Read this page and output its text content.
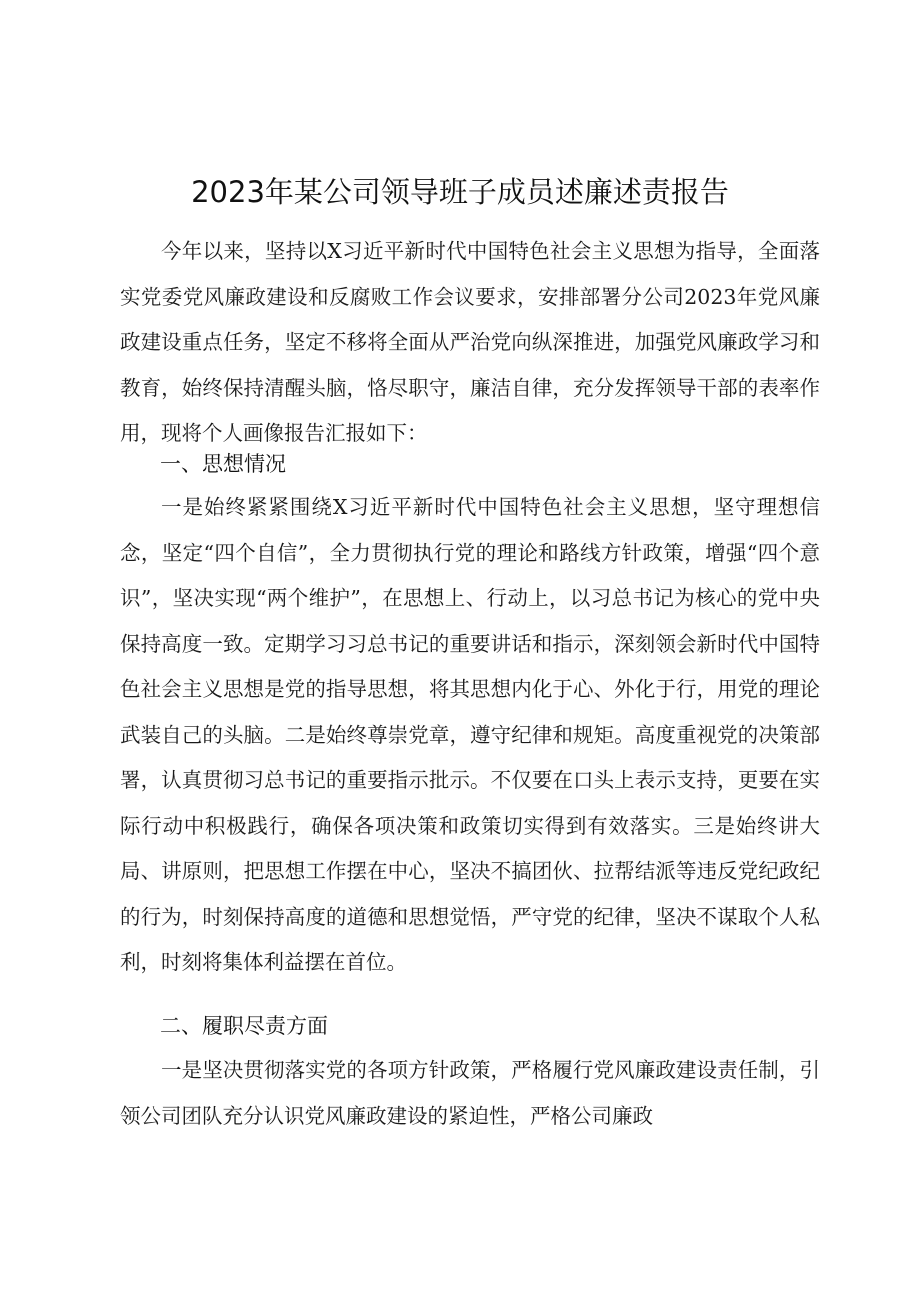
2023年某公司领导班子成员述廉述责报告

今年以来，坚持以X习近平新时代中国特色社会主义思想为指导，全面落实党委党风廉政建设和反腐败工作会议要求，安排部署分公司2023年党风廉政建设重点任务，坚定不移将全面从严治党向纵深推进，加强党风廉政学习和教育，始终保持清醒头脑，恪尽职守，廉洁自律，充分发挥领导干部的表率作用，现将个人画像报告汇报如下：

一、思想情况

一是始终紧紧围绕X习近平新时代中国特色社会主义思想，坚守理想信念，坚定“四个自信”，全力贯彻执行党的理论和路线方针政策，增强“四个意识”，坚决实现“两个维护”，在思想上、行动上，以习总书记为核心的党中央保持高度一致。定期学习习总书记的重要讲话和指示，深刻领会新时代中国特色社会主义思想是党的指导思想，将其思想内化于心、外化于行，用党的理论武装自己的头脑。二是始终尊崇党章，遵守纪律和规矩。高度重视党的决策部署，认真贯彻习总书记的重要指示批示。不仅要在口头上表示支持，更要在实际行动中积极践行，确保各项决策和政策切实得到有效落实。三是始终讲大局、讲原则，把思想工作摆在中心，坚决不搞团伙、拉帮结派等违反党纪政纪的行为，时刻保持高度的道德和思想觉悟，严守党的纪律，坚决不谋取个人私利，时刻将集体利益摆在首位。

二、履职尽责方面

一是坚决贯彻落实党的各项方针政策，严格履行党风廉政建设责任制，引领公司团队充分认识党风廉政建设的紧迫性，严格公司廉政
